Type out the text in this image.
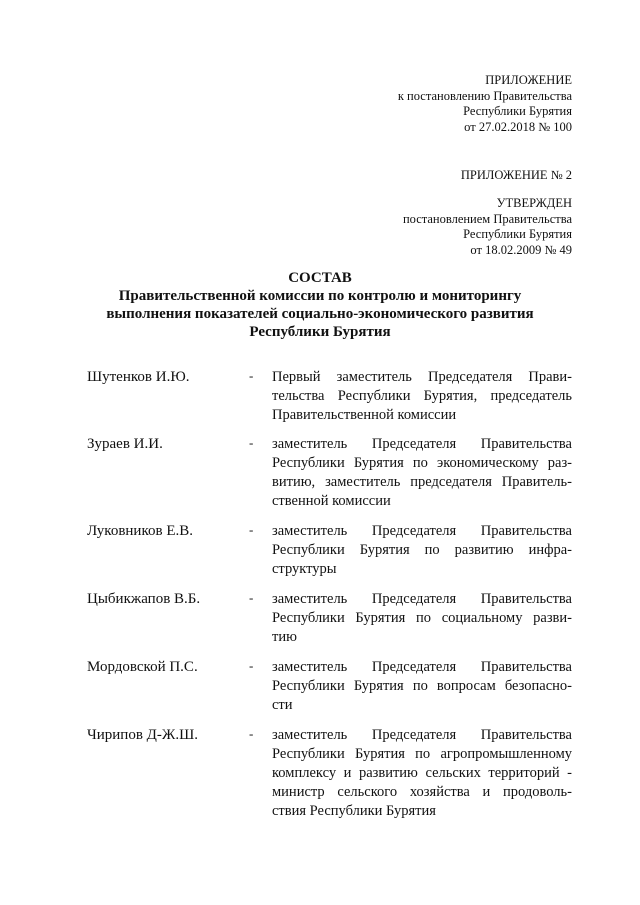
ПРИЛОЖЕНИЕ
к постановлению Правительства
Республики Бурятия
от 27.02.2018 № 100
ПРИЛОЖЕНИЕ № 2
УТВЕРЖДЕН
постановлением Правительства
Республики Бурятия
от 18.02.2009 № 49
СОСТАВ
Правительственной комиссии по контролю и мониторингу
выполнения показателей социально-экономического развития
Республики Бурятия
Шутенков И.Ю.	- Первый заместитель Председателя Прави-
тельства Республики Бурятия, председатель
Правительственной комиссии
Зураев И.И.	- заместитель Председателя Правительства
Республики Бурятия по экономическому раз-
витию, заместитель председателя Правитель-
ственной комиссии
Луковников Е.В.	- заместитель Председателя Правительства
Республики Бурятия по развитию инфра-
структуры
Цыбикжапов В.Б.	- заместитель Председателя Правительства
Республики Бурятия по социальному разви-
тию
Мордовской П.С.	- заместитель Председателя Правительства
Республики Бурятия по вопросам безопасно-
сти
Чирипов Д-Ж.Ш.	- заместитель Председателя Правительства
Республики Бурятия по агропромышленному
комплексу и развитию сельских территорий -
министр сельского хозяйства и продоволь-
ствия Республики Бурятия
